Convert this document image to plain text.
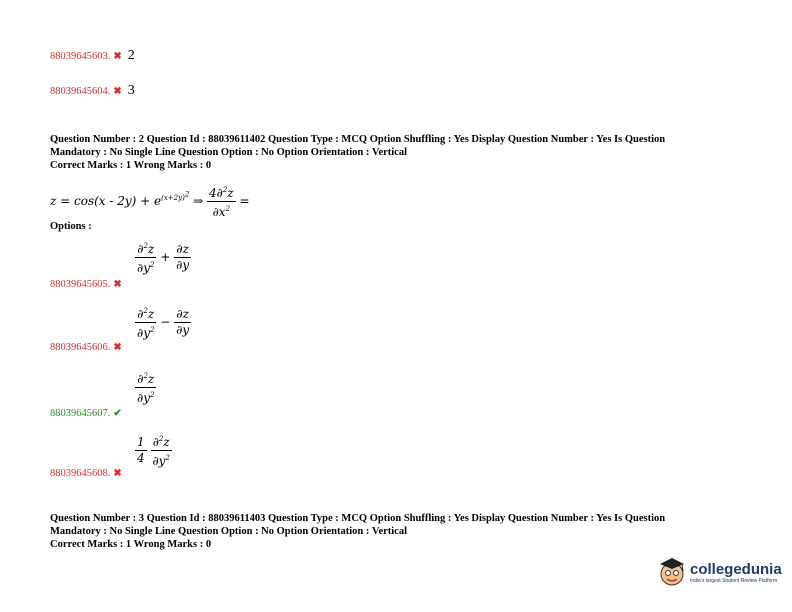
88039645603. ✖ 2
88039645604. ✖ 3
Question Number : 2 Question Id : 88039611402 Question Type : MCQ Option Shuffling : Yes Display Question Number : Yes Is Question
Mandatory : No Single Line Question Option : No Option Orientation : Vertical
Correct Marks : 1 Wrong Marks : 0
$z = \cos(x - 2y) + e^{(x+2y)^2}$ ⇒ $\frac{4\partial^2z}{\partial x^2}$ =
Options :
$\frac{\partial^2z}{\partial y^2} + \frac{\partial z}{\partial y}$
88039645605. ✖
$\frac{\partial^2z}{\partial y^2} - \frac{\partial z}{\partial y}$
88039645606. ✖
$\frac{\partial^2z}{\partial y^2}$
88039645607. ✔
$\frac{1}{4}$
$\frac{\partial^2z}{\partial y^2}$
88039645608. ✖
Question Number : 3 Question Id : 88039611403 Question Type : MCQ Option Shuffling : Yes Display Question Number : Yes Is Question
Mandatory : No Single Line Question Option : No Option Orientation : Vertical
Correct Marks : 1 Wrong Marks : 0
collegedunia
India's largest Student Review Platform
